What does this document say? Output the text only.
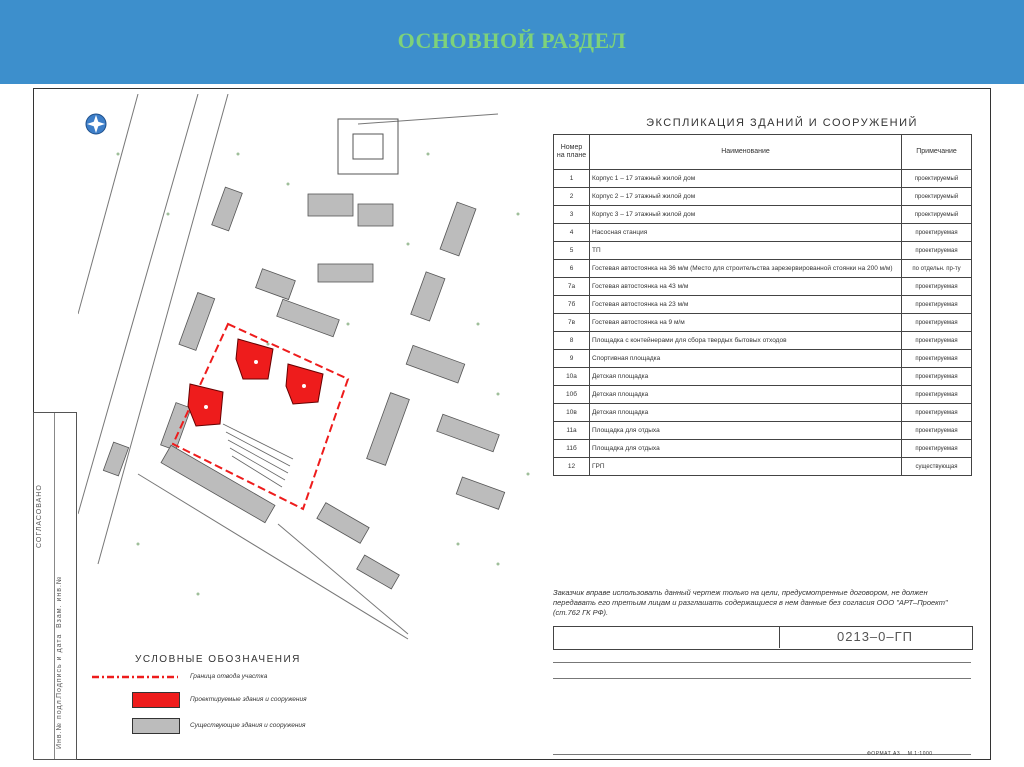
ОСНОВНОЙ РАЗДЕЛ
СОГЛАСОВАНО
Инв.№ подл.
Подпись и дата
Взам. инв.№
ЭКСПЛИКАЦИЯ ЗДАНИЙ И СООРУЖЕНИЙ
Номер на плане	Наименование	Примечание
1	Корпус 1 – 17 этажный жилой дом	проектируемый
2	Корпус 2 – 17 этажный жилой дом	проектируемый
3	Корпус 3 – 17 этажный жилой дом	проектируемый
4	Насосная станция	проектируемая
5	ТП	проектируемая
6	Гостевая автостоянка на 36 м/м (Место для строительства зарезервированной стоянки на 200 м/м)	по отдельн. пр-ту
7а	Гостевая автостоянка на 43 м/м	проектируемая
7б	Гостевая автостоянка на 23 м/м	проектируемая
7в	Гостевая автостоянка на 9 м/м	проектируемая
8	Площадка с контейнерами для сбора твердых бытовых отходов	проектируемая
9	Спортивная площадка	проектируемая
10а	Детская площадка	проектируемая
10б	Детская площадка	проектируемая
10в	Детская площадка	проектируемая
11а	Площадка для отдыха	проектируемая
11б	Площадка для отдыха	проектируемая
12	ГРП	существующая
Заказчик вправе использовать данный чертеж только на цели, предусмотренные договором, не должен передавать его третьим лицам и разглашать содержащиеся в нем данные без согласия ООО "АРТ–Проект" (ст.762 ГК РФ).
0213–0–ГП
ФОРМАТ А3 М 1:1000
УСЛОВНЫЕ ОБОЗНАЧЕНИЯ
Граница отвода участка
Проектируемые здания и сооружения
Существующие здания и сооружения
